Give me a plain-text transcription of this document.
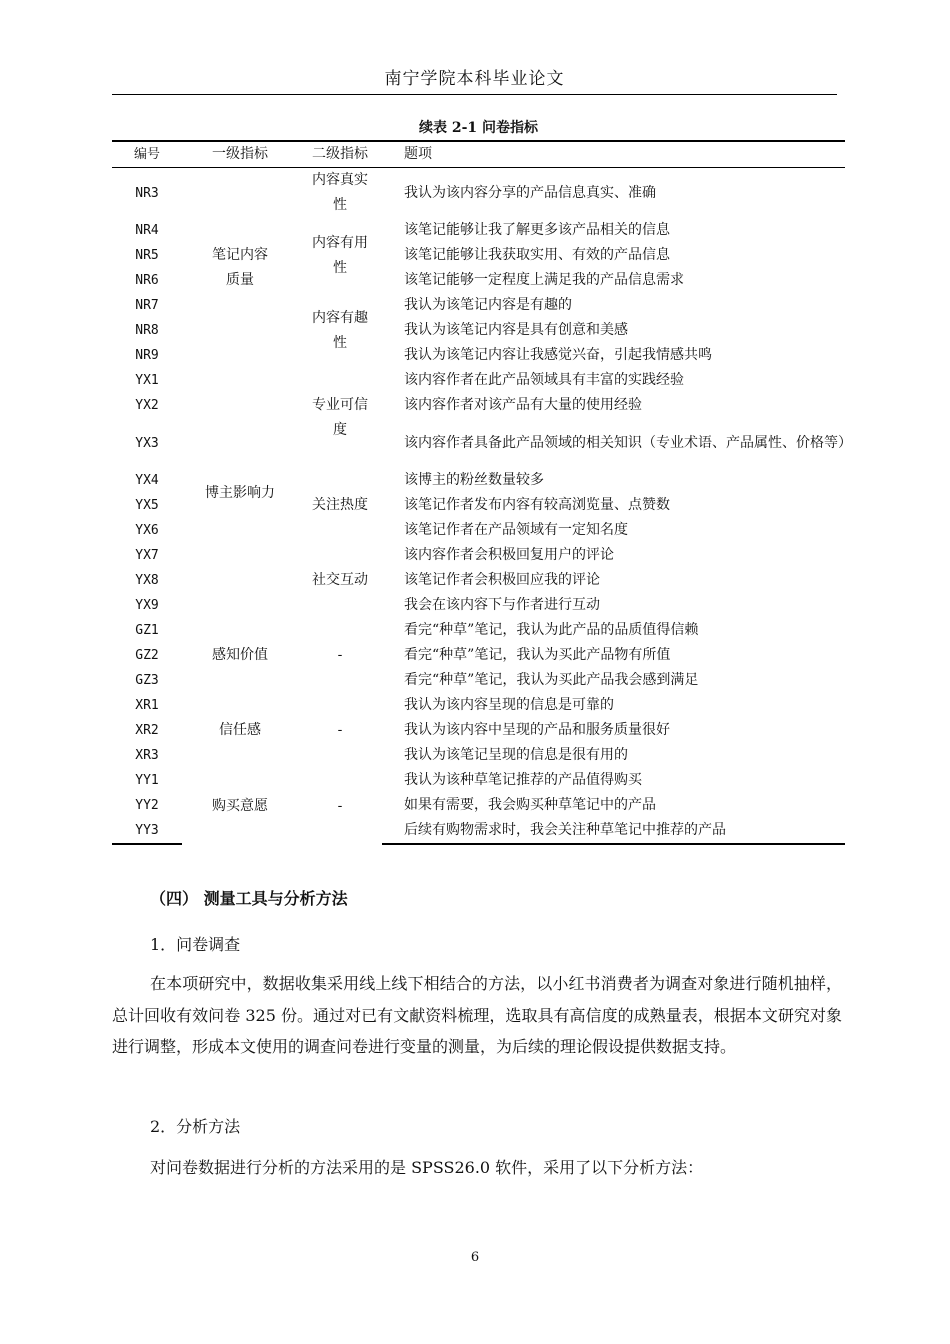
南宁学院本科毕业论文
续表 2-1 问卷指标
编号	一级指标	二级指标	题项
NR3	笔记内容质量	内容真实性	我认为该内容分享的产品信息真实、准确
NR4		内容有用性	该笔记能够让我了解更多该产品相关的信息
NR5			该笔记能够让我获取实用、有效的产品信息
NR6			该笔记能够一定程度上满足我的产品信息需求
NR7		内容有趣性	我认为该笔记内容是有趣的
NR8			我认为该笔记内容是具有创意和美感
NR9			我认为该笔记内容让我感觉兴奋，引起我情感共鸣
YX1	博主影响力	专业可信度	该内容作者在此产品领域具有丰富的实践经验
YX2			该内容作者对该产品有大量的使用经验
YX3			该内容作者具备此产品领域的相关知识（专业术语、产品属性、价格等）
YX4		关注热度	该博主的粉丝数量较多
YX5			该笔记作者发布内容有较高浏览量、点赞数
YX6			该笔记作者在产品领域有一定知名度
YX7		社交互动	该内容作者会积极回复用户的评论
YX8			该笔记作者会积极回应我的评论
YX9			我会在该内容下与作者进行互动
GZ1	感知价值	-	看完“种草”笔记，我认为此产品的品质值得信赖
GZ2			看完“种草”笔记，我认为买此产品物有所值
GZ3			看完“种草”笔记，我认为买此产品我会感到满足
XR1	信任感	-	我认为该内容呈现的信息是可靠的
XR2			我认为该内容中呈现的产品和服务质量很好
XR3			我认为该笔记呈现的信息是很有用的
YY1	购买意愿	-	我认为该种草笔记推荐的产品值得购买
YY2			如果有需要，我会购买种草笔记中的产品
YY3			后续有购物需求时，我会关注种草笔记中推荐的产品
（四） 测量工具与分析方法
1．问卷调查

在本项研究中，数据收集采用线上线下相结合的方法，以小红书消费者为调查对象进行随机抽样，总计回收有效问卷 325 份。通过对已有文献资料梳理，选取具有高信度的成熟量表，根据本文研究对象进行调整，形成本文使用的调查问卷进行变量的测量，为后续的理论假设提供数据支持。

2．分析方法

对问卷数据进行分析的方法采用的是 SPSS26.0 软件，采用了以下分析方法：

6
